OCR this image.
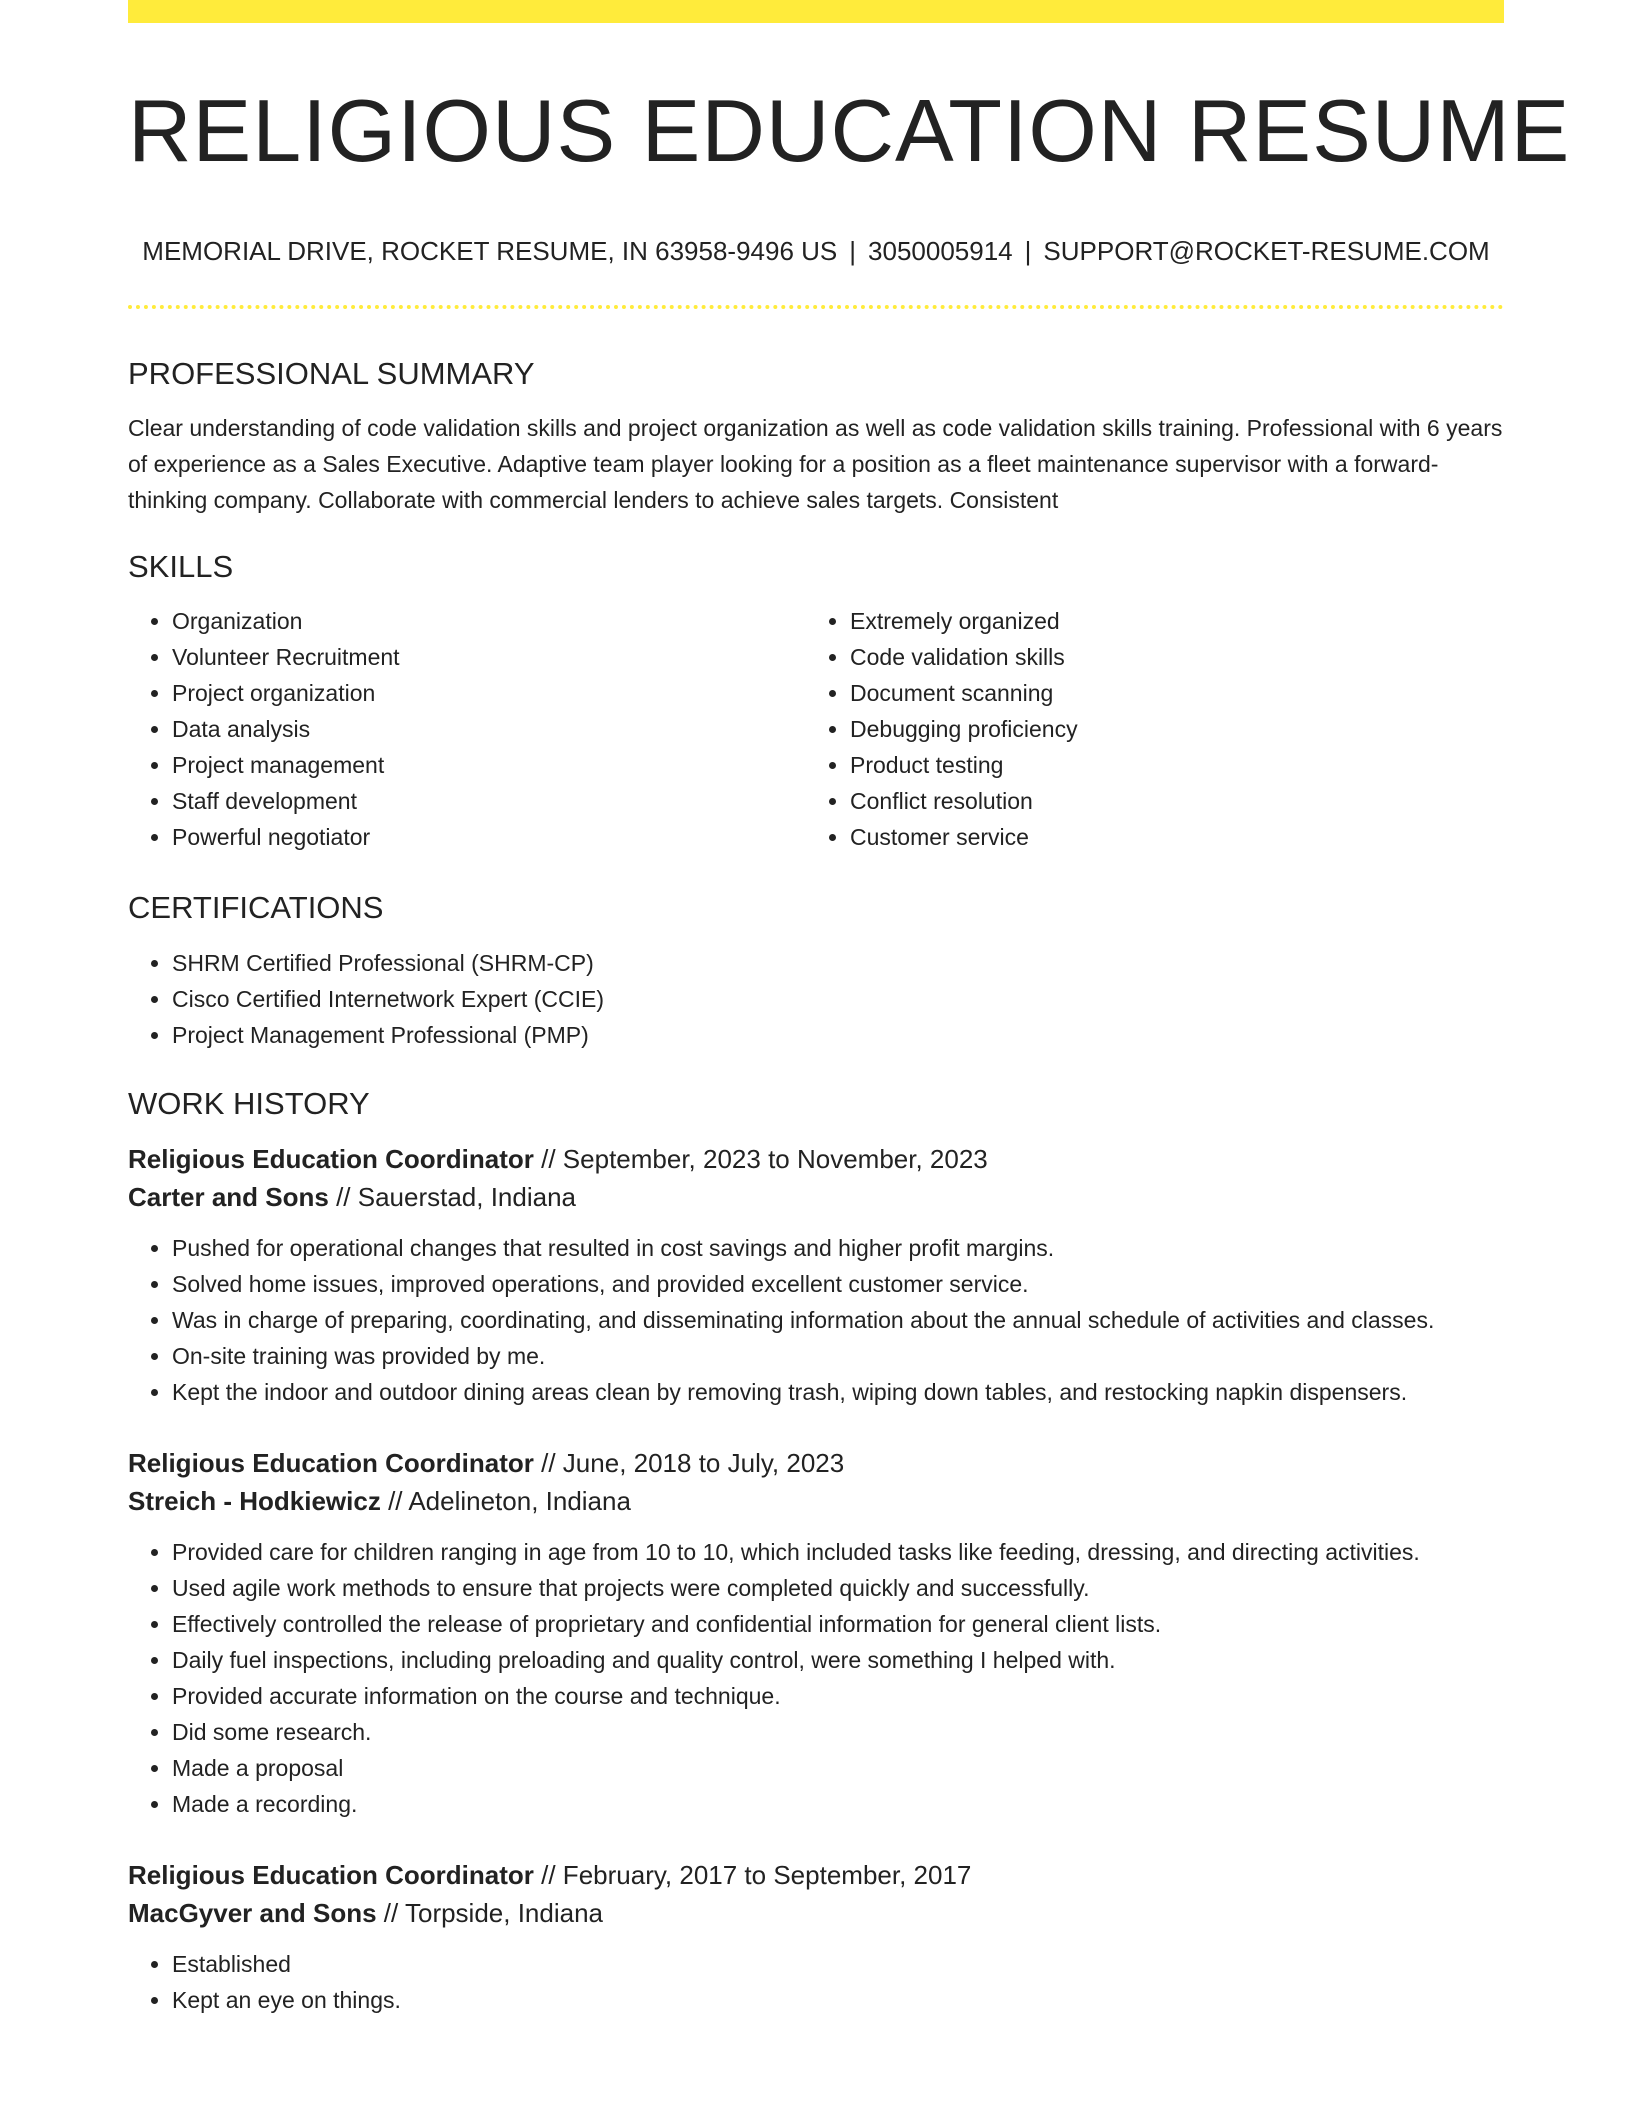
RELIGIOUS EDUCATION RESUME
MEMORIAL DRIVE, ROCKET RESUME, IN 63958-9496 US | 3050005914 | SUPPORT@ROCKET-RESUME.COM
PROFESSIONAL SUMMARY

Clear understanding of code validation skills and project organization as well as code validation skills training. Professional with 6 years of experience as a Sales Executive. Adaptive team player looking for a position as a fleet maintenance supervisor with a forward-thinking company. Collaborate with commercial lenders to achieve sales targets. Consistent

SKILLS
• Organization
• Volunteer Recruitment
• Project organization
• Data analysis
• Project management
• Staff development
• Powerful negotiator
• Extremely organized
• Code validation skills
• Document scanning
• Debugging proficiency
• Product testing
• Conflict resolution
• Customer service
CERTIFICATIONS
• SHRM Certified Professional (SHRM-CP)
• Cisco Certified Internetwork Expert (CCIE)
• Project Management Professional (PMP)
WORK HISTORY
Religious Education Coordinator // September, 2023 to November, 2023
Carter and Sons // Sauerstad, Indiana
• Pushed for operational changes that resulted in cost savings and higher profit margins.
• Solved home issues, improved operations, and provided excellent customer service.
• Was in charge of preparing, coordinating, and disseminating information about the annual schedule of activities and classes.
• On-site training was provided by me.
• Kept the indoor and outdoor dining areas clean by removing trash, wiping down tables, and restocking napkin dispensers.
Religious Education Coordinator // June, 2018 to July, 2023
Streich - Hodkiewicz // Adelineton, Indiana
• Provided care for children ranging in age from 10 to 10, which included tasks like feeding, dressing, and directing activities.
• Used agile work methods to ensure that projects were completed quickly and successfully.
• Effectively controlled the release of proprietary and confidential information for general client lists.
• Daily fuel inspections, including preloading and quality control, were something I helped with.
• Provided accurate information on the course and technique.
• Did some research.
• Made a proposal
• Made a recording.
Religious Education Coordinator // February, 2017 to September, 2017
MacGyver and Sons // Torpside, Indiana
• Established
• Kept an eye on things.
